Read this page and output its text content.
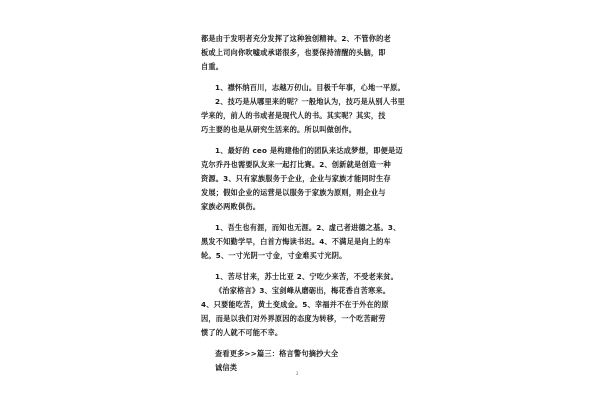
都是由于发明者充分发挥了这种独创精神。2、不管你的老
板或上司向你吹嘘或承诺很多，也要保持清醒的头脑，即
自重。
1、襟怀纳百川，志越万仞山。目极千年事，心地一平原。
2、技巧是从哪里来的呢？一般地认为，技巧是从别人书里
学来的，前人的书或者是现代人的书。其实呢？其实，技
巧主要的也是从研究生活来的。所以叫做创作。
1、最好的 ceo 是构建他们的团队来达成梦想，即便是迈
克尔乔丹也需要队友来一起打比赛。2、创新就是创造一种
资源。3、只有家族服务于企业，企业与家族才能同时生存
发展；假如企业的运营是以服务于家族为原则，则企业与
家族必两败俱伤。
1、吾生也有涯，而知也无涯。2、虚己者进德之基。3、
黑发不知勤学早，白首方悔读书迟。4、不满足是向上的车
轮。5、一寸光阴一寸金，寸金难买寸光阴。
1、苦尽甘来，苏士比亚 2、宁吃少来苦，不受老来贫。
《治家格言》3、宝剑峰从磨砺出，梅花香自苦寒来。
4、只要能吃苦，黄土变成金。5、幸福并不在于外在的原
因，而是以我们对外界原因的态度为转移，一个吃苦耐劳
惯了的人就不可能不幸。
查看更多>>篇三：格言警句摘抄大全
诚信类
2
